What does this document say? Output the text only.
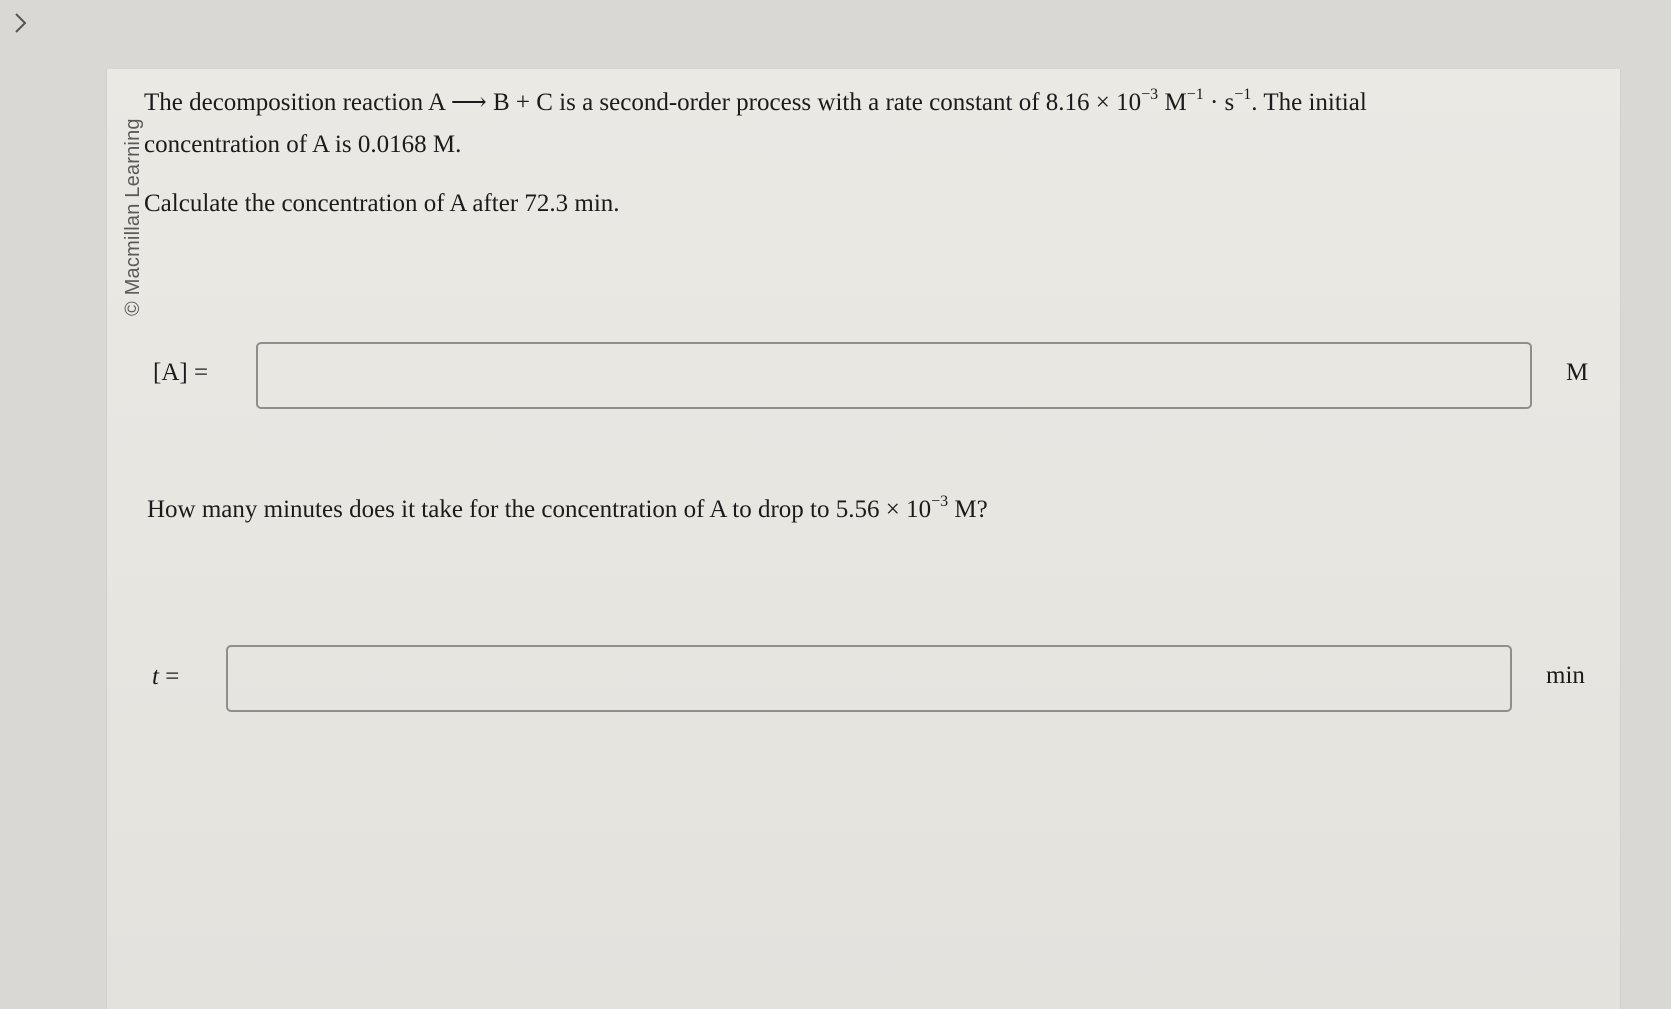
© Macmillan Learning
The decomposition reaction A ⟶ B + C is a second-order process with a rate constant of $8.16 \times 10^{-3}$ $M^{-1} \cdot s^{-1}$. The initial
concentration of A is 0.0168 M.
Calculate the concentration of A after 72.3 min.
[A] =	M
How many minutes does it take for the concentration of A to drop to $5.56 \times 10^{-3}$ M?
t =	min
